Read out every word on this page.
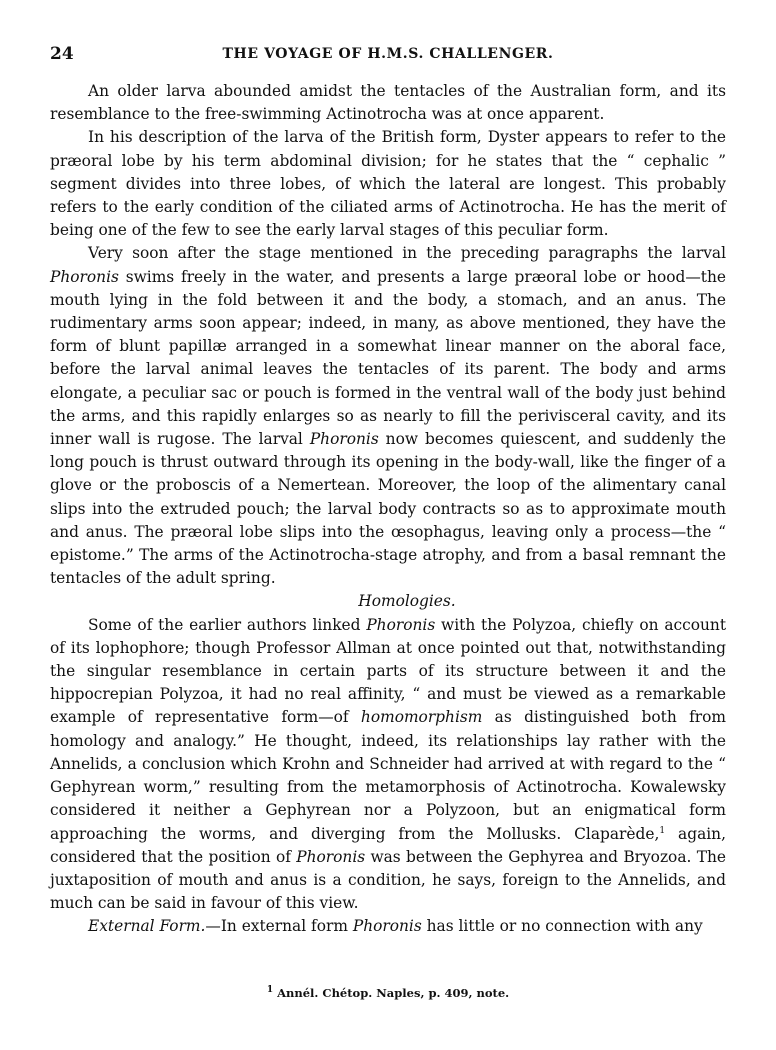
24	THE VOYAGE OF H.M.S. CHALLENGER.

An older larva abounded amidst the tentacles of the Australian form, and its resemblance to the free-swimming Actinotrocha was at once apparent.

In his description of the larva of the British form, Dyster appears to refer to the præoral lobe by his term abdominal division; for he states that the “ cephalic ” segment divides into three lobes, of which the lateral are longest. This probably refers to the early condition of the ciliated arms of Actinotrocha. He has the merit of being one of the few to see the early larval stages of this peculiar form.

Very soon after the stage mentioned in the preceding paragraphs the larval Phoronis swims freely in the water, and presents a large præoral lobe or hood—the mouth lying in the fold between it and the body, a stomach, and an anus. The rudimentary arms soon appear; indeed, in many, as above mentioned, they have the form of blunt papillæ arranged in a somewhat linear manner on the aboral face, before the larval animal leaves the tentacles of its parent. The body and arms elongate, a peculiar sac or pouch is formed in the ventral wall of the body just behind the arms, and this rapidly enlarges so as nearly to fill the perivisceral cavity, and its inner wall is rugose. The larval Phoronis now becomes quiescent, and suddenly the long pouch is thrust outward through its opening in the body-wall, like the finger of a glove or the proboscis of a Nemertean. Moreover, the loop of the alimentary canal slips into the extruded pouch; the larval body contracts so as to approximate mouth and anus. The præoral lobe slips into the œsophagus, leaving only a process—the “ epistome.” The arms of the Actinotrocha-stage atrophy, and from a basal remnant the tentacles of the adult spring.

Homologies.

Some of the earlier authors linked Phoronis with the Polyzoa, chiefly on account of its lophophore; though Professor Allman at once pointed out that, notwithstanding the singular resemblance in certain parts of its structure between it and the hippocrepian Polyzoa, it had no real affinity, “ and must be viewed as a remarkable example of representative form—of homomorphism as distinguished both from homology and analogy.” He thought, indeed, its relationships lay rather with the Annelids, a conclusion which Krohn and Schneider had arrived at with regard to the “ Gephyrean worm,” resulting from the metamorphosis of Actinotrocha. Kowalewsky considered it neither a Gephyrean nor a Polyzoon, but an enigmatical form approaching the worms, and diverging from the Mollusks. Claparède,$^1$ again, considered that the position of Phoronis was between the Gephyrea and Bryozoa. The juxtaposition of mouth and anus is a condition, he says, foreign to the Annelids, and much can be said in favour of this view.

External Form.—In external form Phoronis has little or no connection with any

$^1$ Annél. Chétop. Naples, p. 409, note.
